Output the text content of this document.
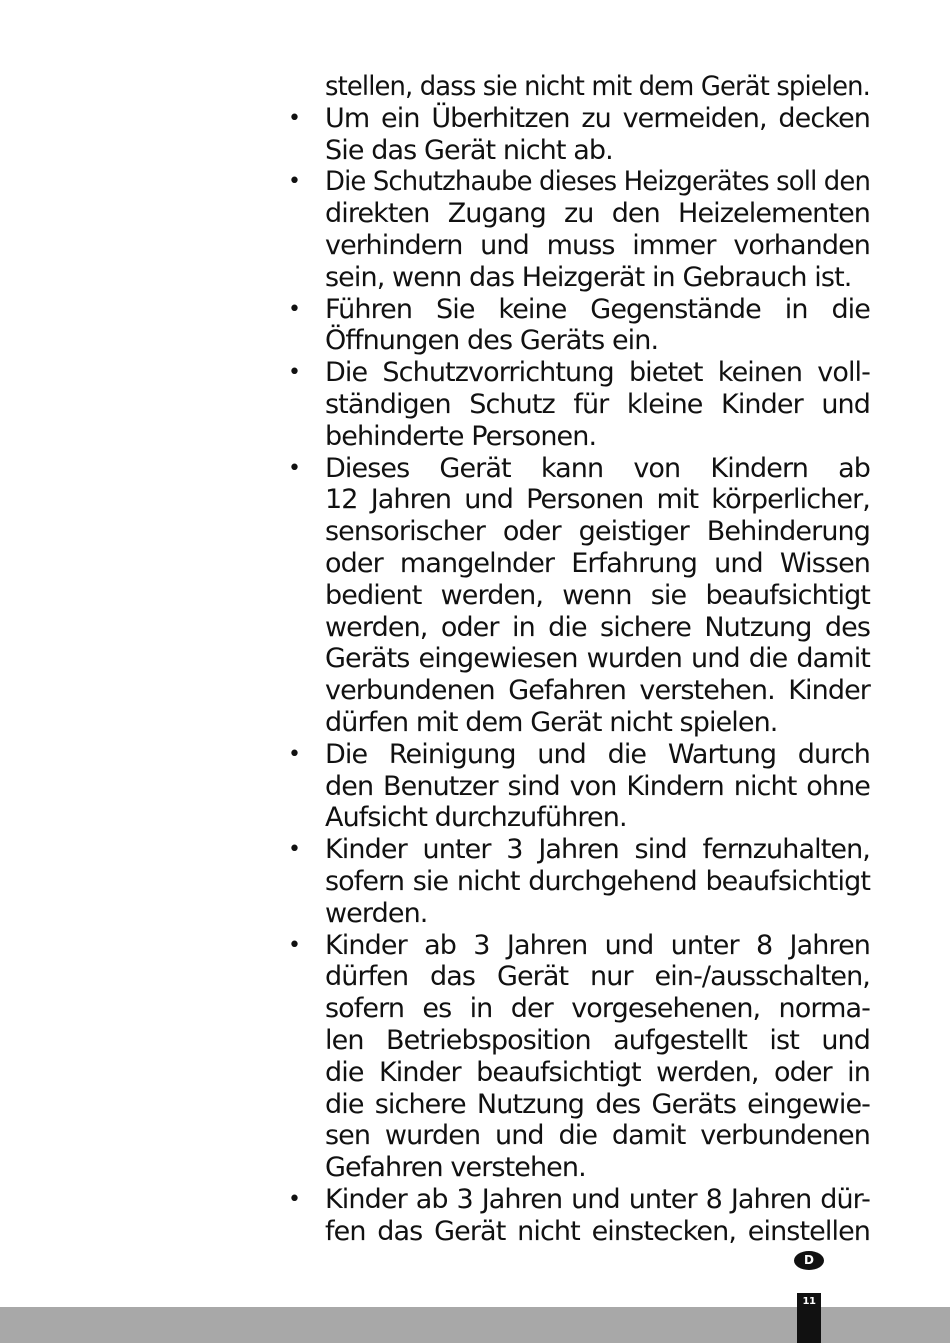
stellen, dass sie nicht mit dem Gerät spielen.
• Um ein Überhitzen zu vermeiden, decken
Sie das Gerät nicht ab.
• Die Schutzhaube dieses Heizgerätes soll den
direkten Zugang zu den Heizelementen
verhindern und muss immer vorhanden
sein, wenn das Heizgerät in Gebrauch ist.
• Führen Sie keine Gegenstände in die
Öffnungen des Geräts ein.
• Die Schutzvorrichtung bietet keinen voll-
ständigen Schutz für kleine Kinder und
behinderte Personen.
• Dieses Gerät kann von Kindern ab
12 Jahren und Personen mit körperlicher,
sensorischer oder geistiger Behinderung
oder mangelnder Erfahrung und Wissen
bedient werden, wenn sie beaufsichtigt
werden, oder in die sichere Nutzung des
Geräts eingewiesen wurden und die damit
verbundenen Gefahren verstehen. Kinder
dürfen mit dem Gerät nicht spielen.
• Die Reinigung und die Wartung durch
den Benutzer sind von Kindern nicht ohne
Aufsicht durchzuführen.
• Kinder unter 3 Jahren sind fernzuhalten,
sofern sie nicht durchgehend beaufsichtigt
werden.
• Kinder ab 3 Jahren und unter 8 Jahren
dürfen das Gerät nur ein-/ausschalten,
sofern es in der vorgesehenen, norma-
len Betriebsposition aufgestellt ist und
die Kinder beaufsichtigt werden, oder in
die sichere Nutzung des Geräts eingewie-
sen wurden und die damit verbundenen
Gefahren verstehen.
• Kinder ab 3 Jahren und unter 8 Jahren dür-
fen das Gerät nicht einstecken, einstellen
D
11
